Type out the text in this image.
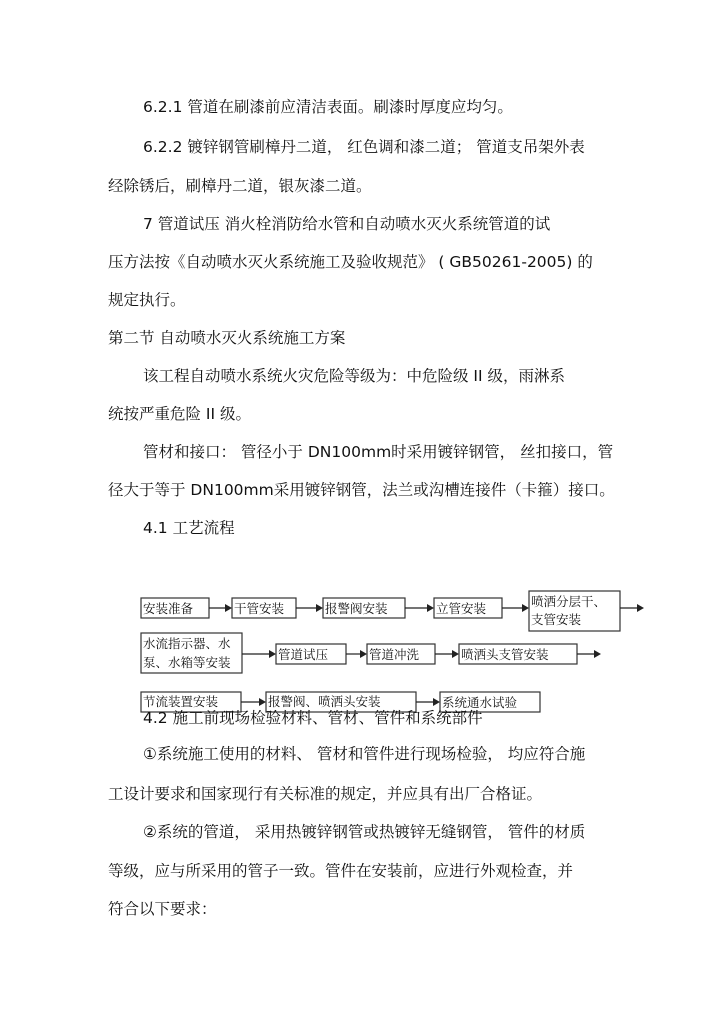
6.2.1 管道在刷漆前应清洁表面。刷漆时厚度应均匀。
6.2.2 镀锌钢管刷樟丹二道， 红色调和漆二道； 管道支吊架外表
经除锈后，刷樟丹二道，银灰漆二道。
7 管道试压 消火栓消防给水管和自动喷水灭火系统管道的试
压方法按《自动喷水灭火系统施工及验收规范》 ( GB50261-2005) 的
规定执行。
第二节 自动喷水灭火系统施工方案
该工程自动喷水系统火灾危险等级为：中危险级 II 级，雨淋系
统按严重危险 II 级。
管材和接口： 管径小于 DN100mm时采用镀锌钢管， 丝扣接口，管
径大于等于 DN100mm采用镀锌钢管，法兰或沟槽连接件（卡箍）接口。
4.1 工艺流程
安装准备	干管安装	报警阀安装	立管安装	喷洒分层干、
支管安装
水流指示器、水
泵、水箱等安装
管道试压	管道冲洗	喷洒头支管安装
节流装置安装	报警阀、喷洒头安装	系统通水试验
4.2 施工前现场检验材料、管材、管件和系统部件
①系统施工使用的材料、 管材和管件进行现场检验， 均应符合施
工设计要求和国家现行有关标准的规定，并应具有出厂合格证。
②系统的管道， 采用热镀锌钢管或热镀锌无缝钢管， 管件的材质
等级，应与所采用的管子一致。管件在安装前，应进行外观检查，并
符合以下要求：
